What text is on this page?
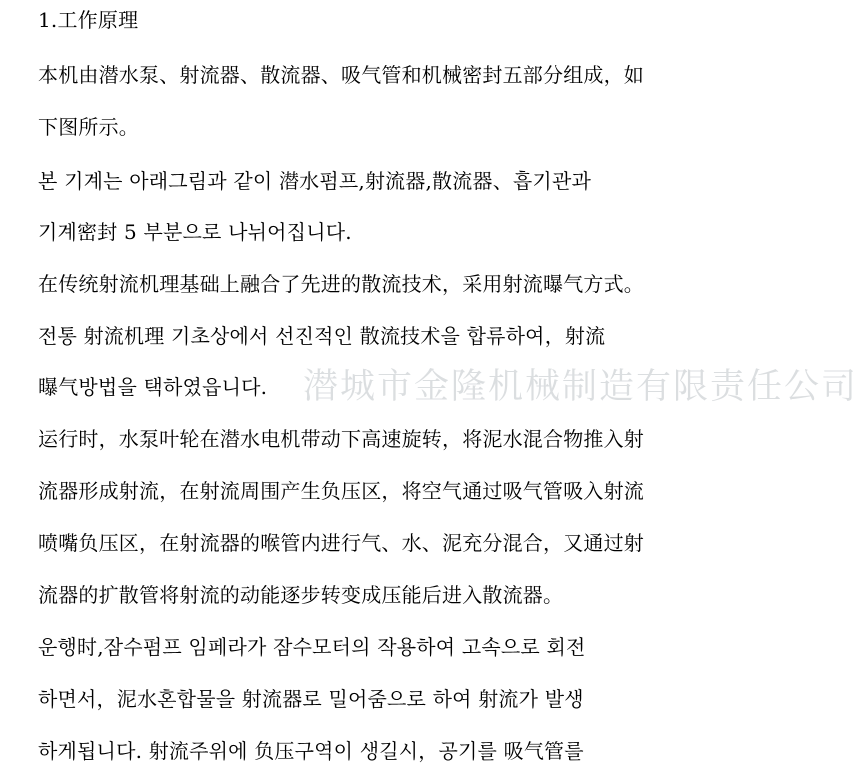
1.工作原理
本机由潜水泵、射流器、散流器、吸气管和机械密封五部分组成，如
下图所示。
본 기계는 아래그림과 같이 潜水펌프,射流器,散流器、흡기관과
기계密封 5 부분으로 나뉘어집니다.
在传统射流机理基础上融合了先进的散流技术，采用射流曝气方式。
전통 射流机理 기초상에서 선진적인 散流技术을 합류하여，射流
曝气방법을 택하였읍니다.
运行时，水泵叶轮在潜水电机带动下高速旋转，将泥水混合物推入射
流器形成射流，在射流周围产生负压区，将空气通过吸气管吸入射流
喷嘴负压区，在射流器的喉管内进行气、水、泥充分混合，又通过射
流器的扩散管将射流的动能逐步转变成压能后进入散流器。
운행时,잠수펌프 임페라가 잠수모터의 작용하여 고속으로 회전
하면서，泥水혼합물을 射流器로 밀어줌으로 하여 射流가 발생
하게됩니다. 射流주위에 负压구역이 생길시，공기를 吸气管를
潜城市金隆机械制造有限责任公司
